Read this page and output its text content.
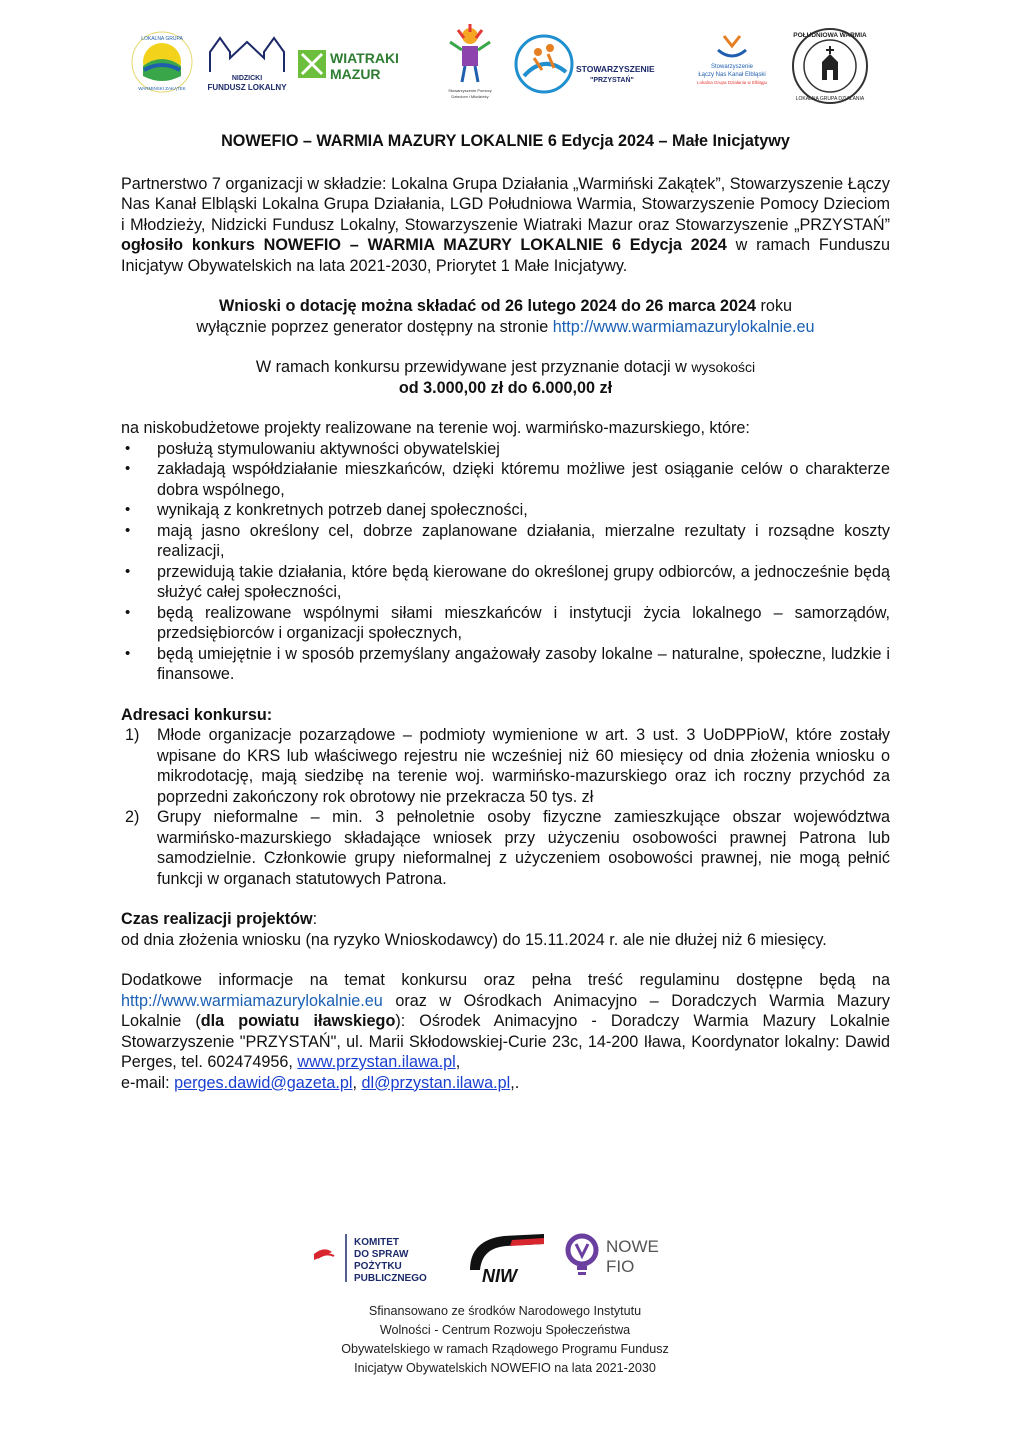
LOKALNA GRUPA
WARMIŃSKI ZAKĄTEK
NIDZICKI
FUNDUSZ LOKALNY
WIATRAKI
MAZUR
Stowarzyszenie Pomocy
Dzieciom i Młodzieży
STOWARZYSZENIE
"PRZYSTAŃ"
Stowarzyszenie
Łączy Nas Kanał Elbląski
Lokalna Grupa Działania w Elblągu
POŁUDNIOWA WARMIA
LOKALNA GRUPA DZIAŁANIA

NOWEFIO – WARMIA MAZURY LOKALNIE 6 Edycja 2024 – Małe Inicjatywy

Partnerstwo 7 organizacji w składzie: Lokalna Grupa Działania „Warmiński Zakątek”, Stowarzyszenie Łączy Nas Kanał Elbląski Lokalna Grupa Działania, LGD Południowa Warmia, Stowarzyszenie Pomocy Dzieciom i Młodzieży, Nidzicki Fundusz Lokalny, Stowarzyszenie Wiatraki Mazur oraz Stowarzyszenie „PRZYSTAŃ” ogłosiło konkurs NOWEFIO – WARMIA MAZURY LOKALNIE 6 Edycja 2024 w ramach Funduszu Inicjatyw Obywatelskich na lata 2021-2030, Priorytet 1 Małe Inicjatywy.

Wnioski o dotację można składać od 26 lutego 2024 do 26 marca 2024 roku
wyłącznie poprzez generator dostępny na stronie http://www.warmiamazurylokalnie.eu

W ramach konkursu przewidywane jest przyznanie dotacji w wysokości
od 3.000,00 zł do 6.000,00 zł

na niskobudżetowe projekty realizowane na terenie woj. warmińsko-mazurskiego, które:

• posłużą stymulowaniu aktywności obywatelskiej
• zakładają współdziałanie mieszkańców, dzięki któremu możliwe jest osiąganie celów o charakterze dobra wspólnego,
• wynikają z konkretnych potrzeb danej społeczności,
• mają jasno określony cel, dobrze zaplanowane działania, mierzalne rezultaty i rozsądne koszty realizacji,
• przewidują takie działania, które będą kierowane do określonej grupy odbiorców, a jednocześnie będą służyć całej społeczności,
• będą realizowane wspólnymi siłami mieszkańców i instytucji życia lokalnego – samorządów, przedsiębiorców i organizacji społecznych,
• będą umiejętnie i w sposób przemyślany angażowały zasoby lokalne – naturalne, społeczne, ludzkie i finansowe.

Adresaci konkursu:

1) Młode organizacje pozarządowe – podmioty wymienione w art. 3 ust. 3 UoDPPioW, które zostały wpisane do KRS lub właściwego rejestru nie wcześniej niż 60 miesięcy od dnia złożenia wniosku o mikrodotację, mają siedzibę na terenie woj. warmińsko-mazurskiego oraz ich roczny przychód za poprzedni zakończony rok obrotowy nie przekracza 50 tys. zł
2) Grupy nieformalne – min. 3 pełnoletnie osoby fizyczne zamieszkujące obszar województwa warmińsko-mazurskiego składające wniosek przy użyczeniu osobowości prawnej Patrona lub samodzielnie. Członkowie grupy nieformalnej z użyczeniem osobowości prawnej, nie mogą pełnić funkcji w organach statutowych Patrona.

Czas realizacji projektów:

od dnia złożenia wniosku (na ryzyko Wnioskodawcy) do 15.11.2024 r. ale nie dłużej niż 6 miesięcy.

Dodatkowe informacje na temat konkursu oraz pełna treść regulaminu dostępne będą na http://www.warmiamazurylokalnie.eu oraz w Ośrodkach Animacyjno – Doradczych Warmia Mazury Lokalnie (dla powiatu iławskiego): Ośrodek Animacyjno - Doradczy Warmia Mazury Lokalnie Stowarzyszenie "PRZYSTAŃ", ul. Marii Skłodowskiej-Curie 23c, 14-200 Iława, Koordynator lokalny: Dawid Perges, tel. 602474956, www.przystan.ilawa.pl,
e-mail: perges.dawid@gazeta.pl, dl@przystan.ilawa.pl,.

KOMITET
DO SPRAW
POŻYTKU
PUBLICZNEGO	NIW
NOWE
FIO
Sfinansowano ze środków Narodowego Instytutu
Wolności - Centrum Rozwoju Społeczeństwa
Obywatelskiego w ramach Rządowego Programu Fundusz
Inicjatyw Obywatelskich NOWEFIO na lata 2021-2030
